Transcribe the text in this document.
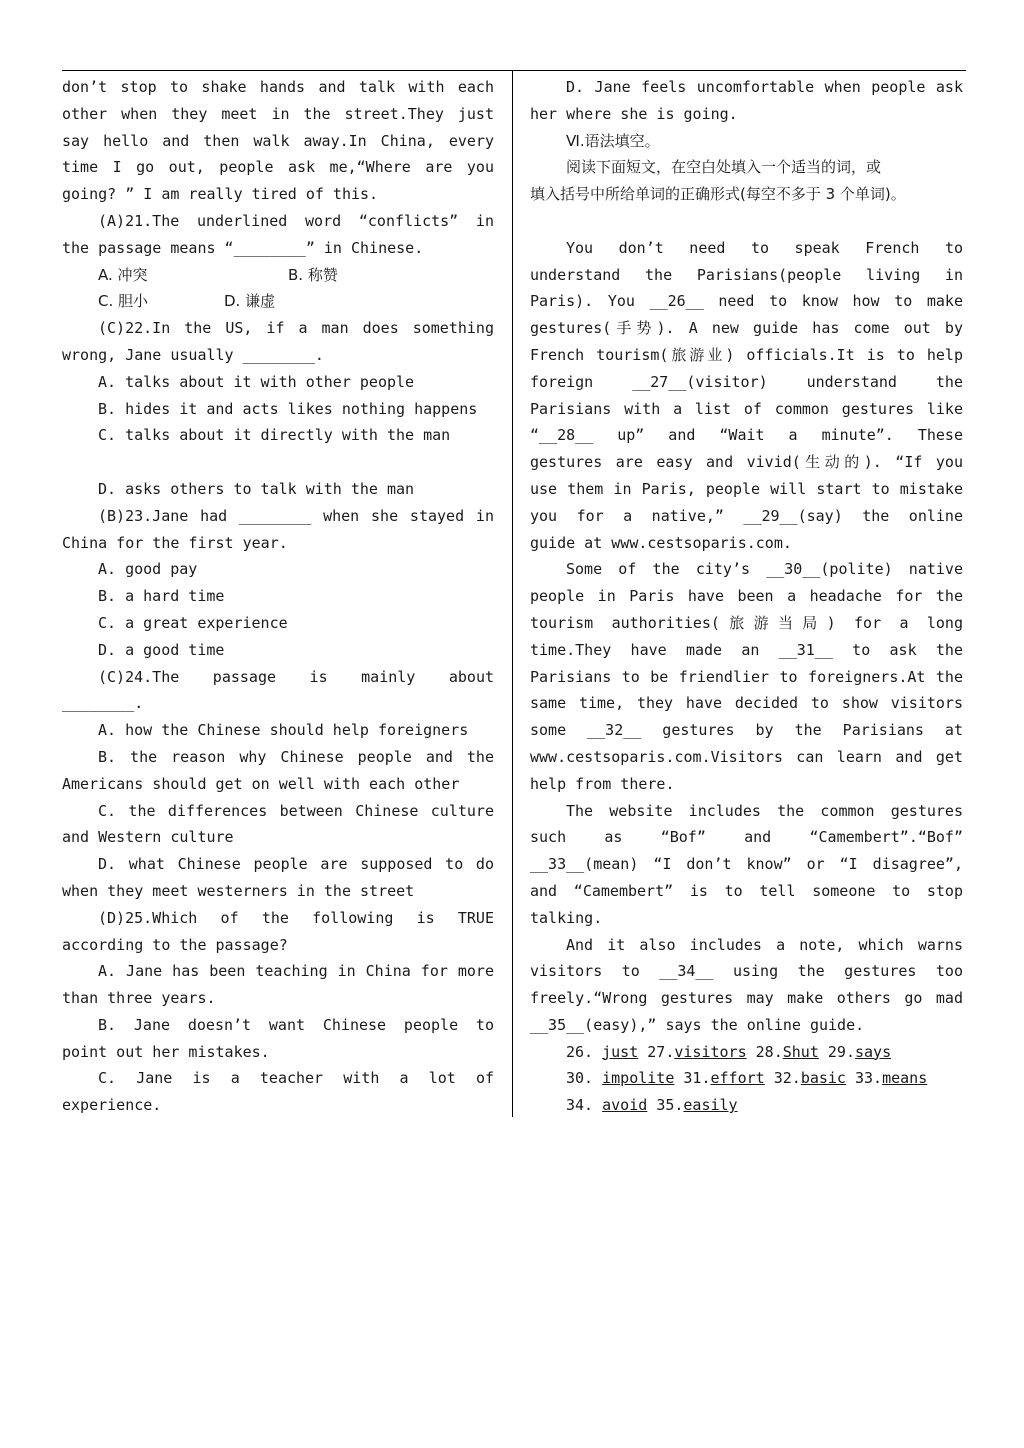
don’t stop to shake hands and talk with each

other when they meet in the street.They just

say hello and then walk away.In China, every

time I go out, people ask me,“Where are you

going? ” I am really tired of this.

(A)21.The underlined word “conflicts” in

the passage means “________” in Chinese.

A. 冲突	B. 称赞
C. 胆小	D. 谦虚

(C)22.In the US, if a man does something

wrong, Jane usually ________.

A. talks about it with other people

B. hides it and acts likes nothing happens

C. talks about it directly with the man

D. asks others to talk with the man

(B)23.Jane had ________ when she stayed in

China for the first year.

A. good pay

B. a hard time

C. a great experience

D. a good time

(C)24.The passage is mainly about

________.

A. how the Chinese should help foreigners

B. the reason why Chinese people and the

Americans should get on well with each other

C. the differences between Chinese culture

and Western culture

D. what Chinese people are supposed to do

when they meet westerners in the street

(D)25.Which of the following is TRUE

according to the passage?

A. Jane has been teaching in China for more

than three years.

B. Jane doesn’t want Chinese people to

point out her mistakes.

C. Jane is a teacher with a lot of

experience.

D. Jane feels uncomfortable when people ask

her where she is going.

Ⅵ.语法填空。

阅读下面短文，在空白处填入一个适当的词，或

填入括号中所给单词的正确形式(每空不多于 3 个单词)。

You don’t need to speak French to

understand the Parisians(people living in

Paris). You __26__ need to know how to make

gestures(手势). A new guide has come out by

French tourism(旅游业) officials.It is to help

foreign __27__(visitor) understand the

Parisians with a list of common gestures like

“__28__ up” and “Wait a minute”. These

gestures are easy and vivid(生动的). “If you

use them in Paris, people will start to mistake

you for a native,” __29__(say) the online

guide at www.cestsoparis.com.

Some of the city’s __30__(polite) native

people in Paris have been a headache for the

tourism authorities(旅游当局) for a long

time.They have made an __31__ to ask the

Parisians to be friendlier to foreigners.At the

same time, they have decided to show visitors

some __32__ gestures by the Parisians at

www.cestsoparis.com.Visitors can learn and get

help from there.

The website includes the common gestures

such as “Bof” and “Camembert”.“Bof”

__33__(mean) “I don’t know” or “I disagree”,

and “Camembert” is to tell someone to stop

talking.

And it also includes a note, which warns

visitors to __34__ using the gestures too

freely.“Wrong gestures may make others go mad

__35__(easy),” says the online guide.

26. just 27.visitors 28.Shut 29.says

30. impolite 31.effort 32.basic 33.means

34. avoid 35.easily
